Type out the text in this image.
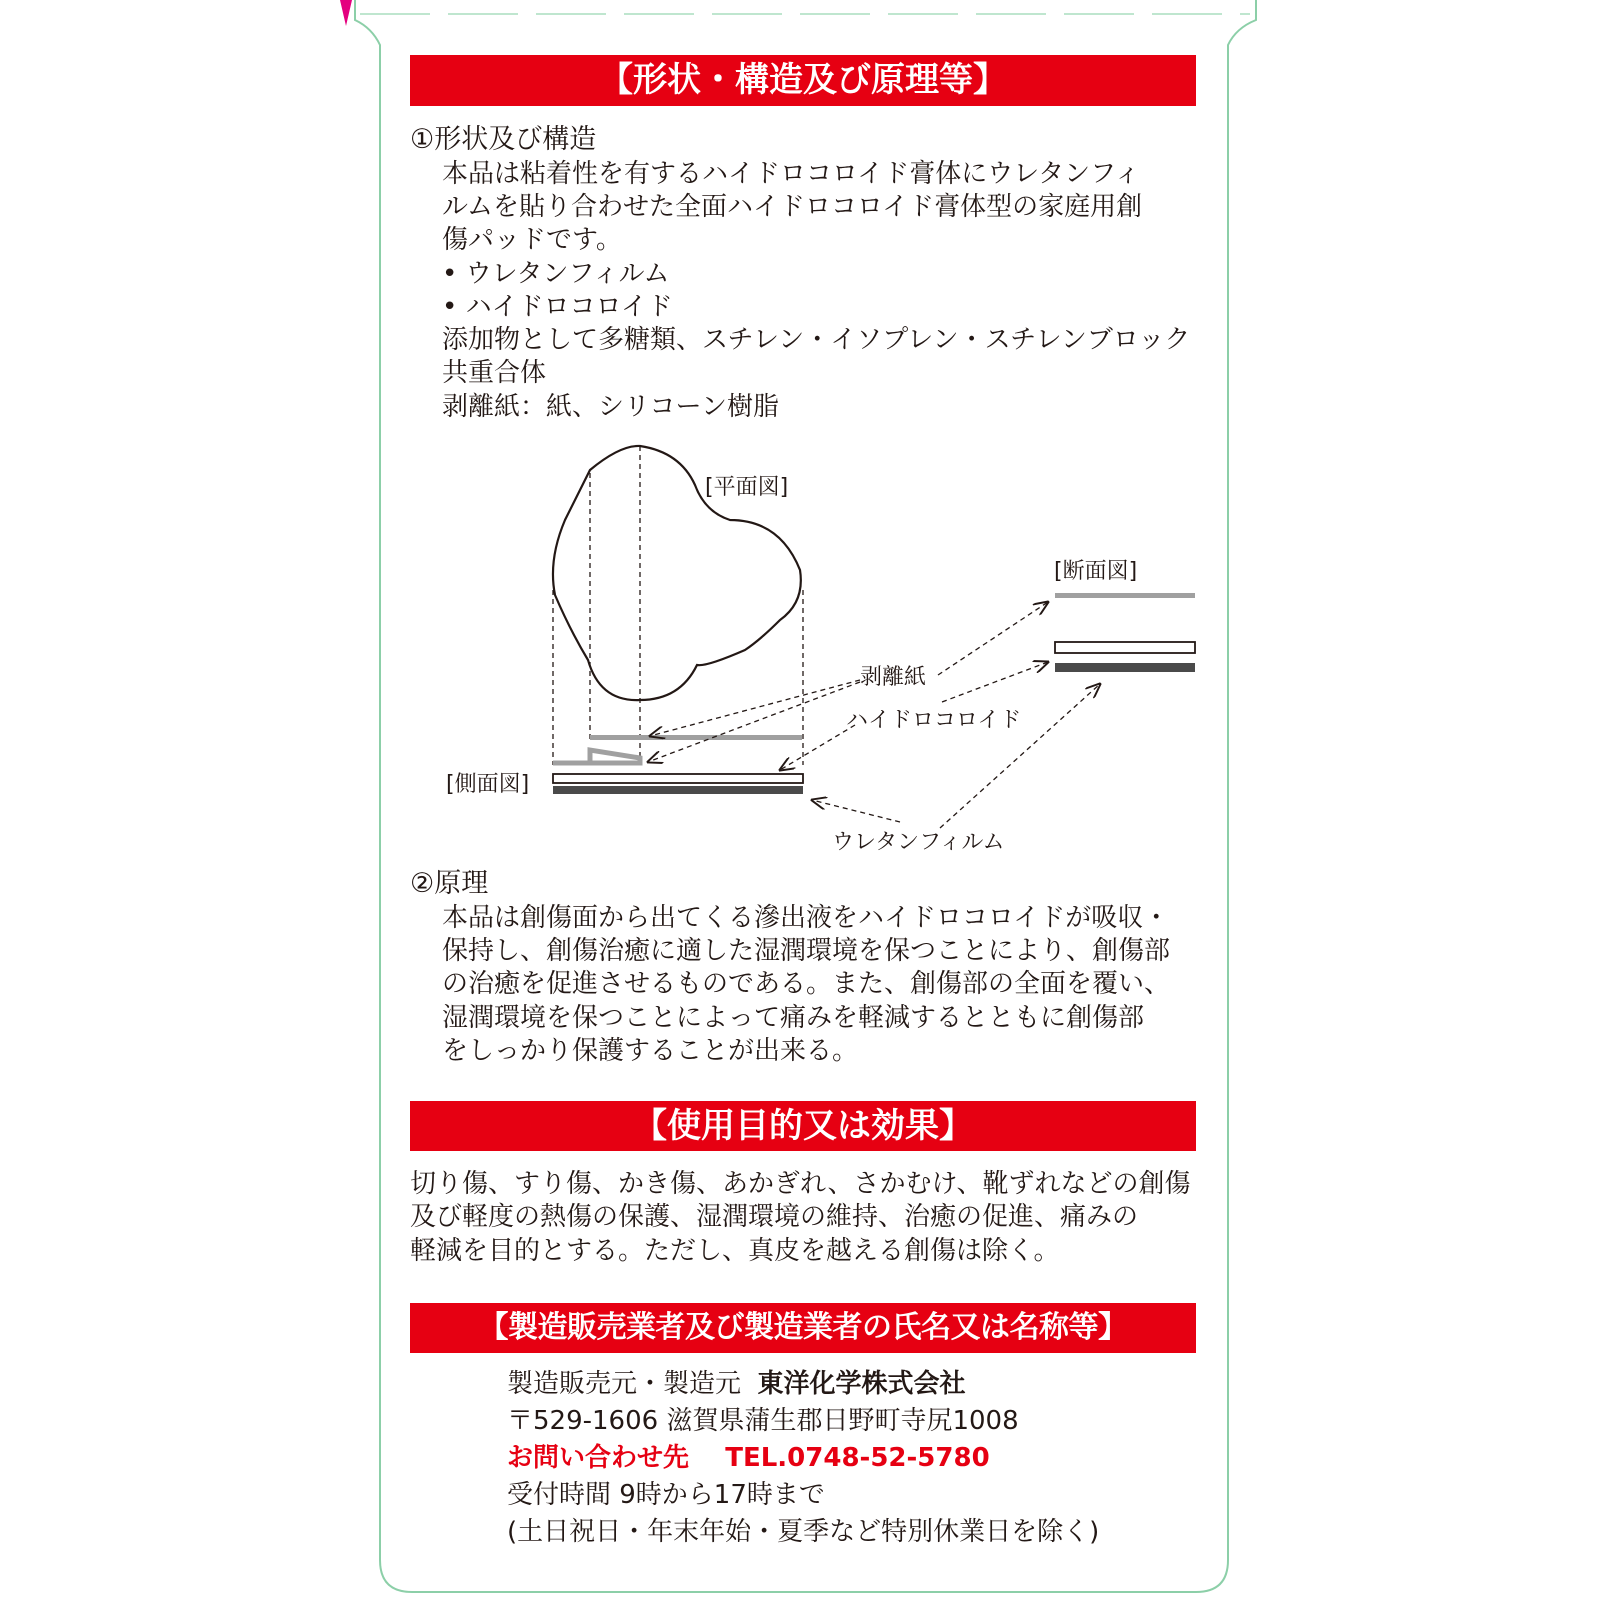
【形状・構造及び原理等】
①形状及び構造
本品は粘着性を有するハイドロコロイド膏体にウレタンフィ
ルムを貼り合わせた全面ハイドロコロイド膏体型の家庭用創
傷パッドです。
• ウレタンフィルム
• ハイドロコロイド
添加物として多糖類、スチレン・イソプレン・スチレンブロック
共重合体
剥離紙：紙、シリコーン樹脂
[平面図]
[断面図]
[側面図]
剥離紙
ハイドロコロイド
ウレタンフィルム
②原理
本品は創傷面から出てくる滲出液をハイドロコロイドが吸収・
保持し、創傷治癒に適した湿潤環境を保つことにより、創傷部
の治癒を促進させるものである。また、創傷部の全面を覆い、
湿潤環境を保つことによって痛みを軽減するとともに創傷部
をしっかり保護することが出来る。
【使用目的又は効果】
切り傷、すり傷、かき傷、あかぎれ、さかむけ、靴ずれなどの創傷
及び軽度の熱傷の保護、湿潤環境の維持、治癒の促進、痛みの
軽減を目的とする。ただし、真皮を越える創傷は除く。
【製造販売業者及び製造業者の氏名又は名称等】
製造販売元・製造元 東洋化学株式会社
〒529-1606 滋賀県蒲生郡日野町寺尻1008
お問い合わせ先 TEL.0748-52-5780
受付時間 9時から17時まで
(土日祝日・年末年始・夏季など特別休業日を除く)
